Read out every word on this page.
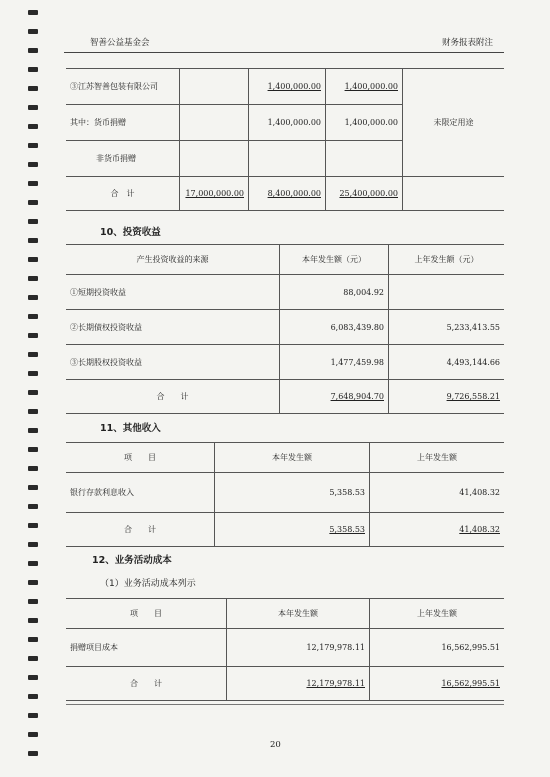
智善公益基金会	财务报表附注
③江苏智善包装有限公司		1,400,000.00	1,400,000.00	未限定用途
其中：货币捐赠		1,400,000.00	1,400,000.00	
非货币捐赠				
合　计	17,000,000.00	8,400,000.00	25,400,000.00	
10、投资收益
产生投资收益的来源	本年发生额（元）	上年发生额（元）
①短期投资收益	88,004.92	
②长期债权投资收益	6,083,439.80	5,233,413.55
③长期股权投资收益	1,477,459.98	4,493,144.66
合　　计	7,648,904.70	9,726,558.21
11、其他收入
项　　目	本年发生额	上年发生额
银行存款利息收入	5,358.53	41,408.32
合　　计	5,358.53	41,408.32
12、业务活动成本
（1）业务活动成本列示
项　　目	本年发生额	上年发生额
捐赠项目成本	12,179,978.11	16,562,995.51
合　　计	12,179,978.11	16,562,995.51
20
